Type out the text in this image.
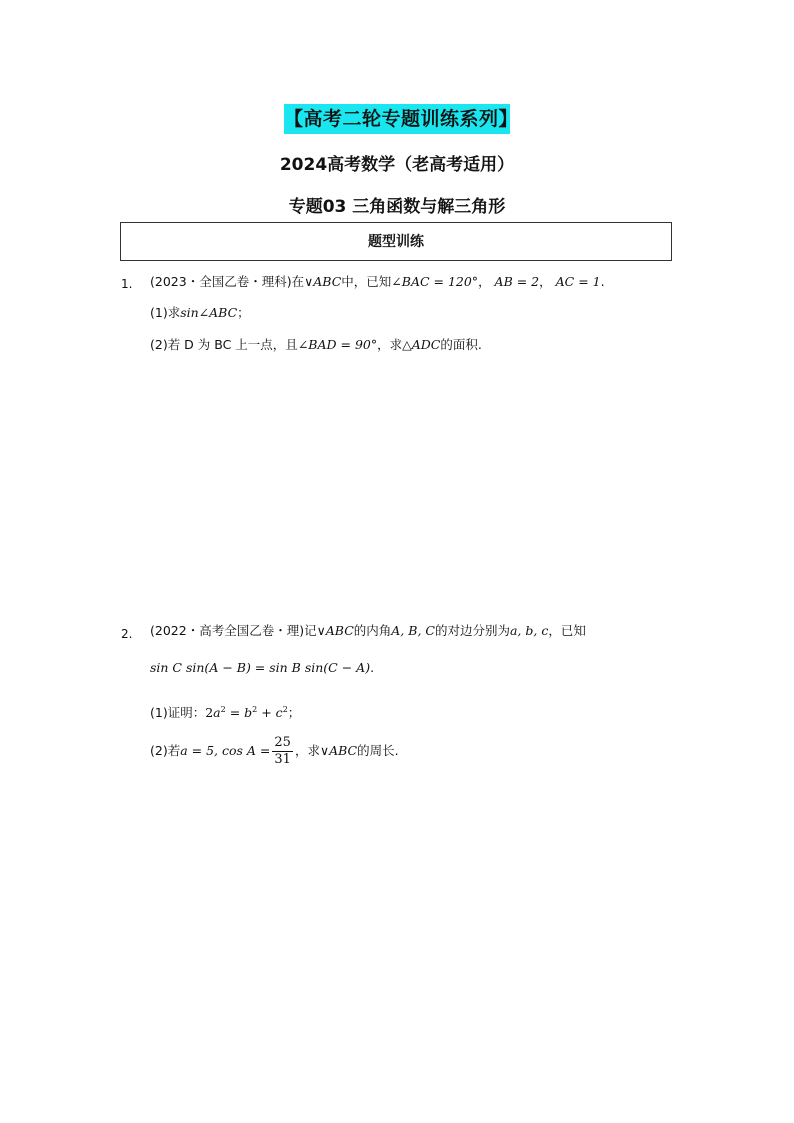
【高考二轮专题训练系列】
2024高考数学（老高考适用）
专题03 三角函数与解三角形
题型训练
1. (2023・全国乙卷・理科)在∨ABC中，已知∠BAC = 120°， AB = 2， AC = 1.
(1)求sin∠ABC；
(2)若 D 为 BC 上一点，且∠BAD = 90°，求△ADC的面积.
2. (2022・高考全国乙卷・理)记∨ABC的内角A, B, C的对边分别为a, b, c，已知
sin C sin(A − B) = sin B sin(C − A).
(1)证明：$2a^2 = b^2 + c^2$；
(2)若a = 5, $\cos A = \frac{25}{31}$ ，求∨ABC的周长.
